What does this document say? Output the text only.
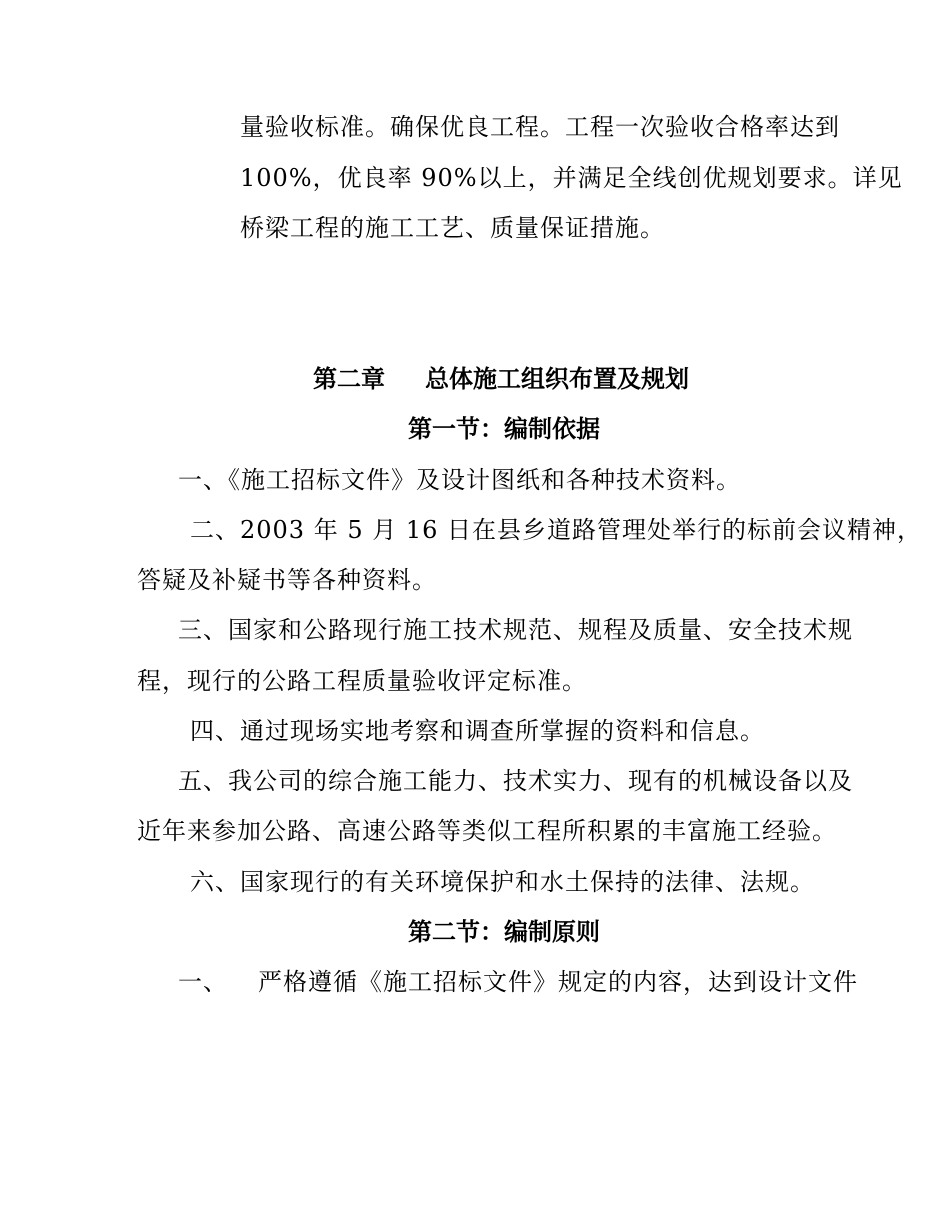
量验收标准。确保优良工程。工程一次验收合格率达到
100%，优良率 90%以上，并满足全线创优规划要求。详见
桥梁工程的施工工艺、质量保证措施。
第二章 总体施工组织布置及规划
第一节：编制依据
一、《施工招标文件》及设计图纸和各种技术资料。
二、2003 年 5 月 16 日在县乡道路管理处举行的标前会议精神，
答疑及补疑书等各种资料。
三、国家和公路现行施工技术规范、规程及质量、安全技术规
程，现行的公路工程质量验收评定标准。
四、通过现场实地考察和调查所掌握的资料和信息。
五、我公司的综合施工能力、技术实力、现有的机械设备以及
近年来参加公路、高速公路等类似工程所积累的丰富施工经验。
六、国家现行的有关环境保护和水土保持的法律、法规。
第二节：编制原则
一、 严格遵循《施工招标文件》规定的内容，达到设计文件
